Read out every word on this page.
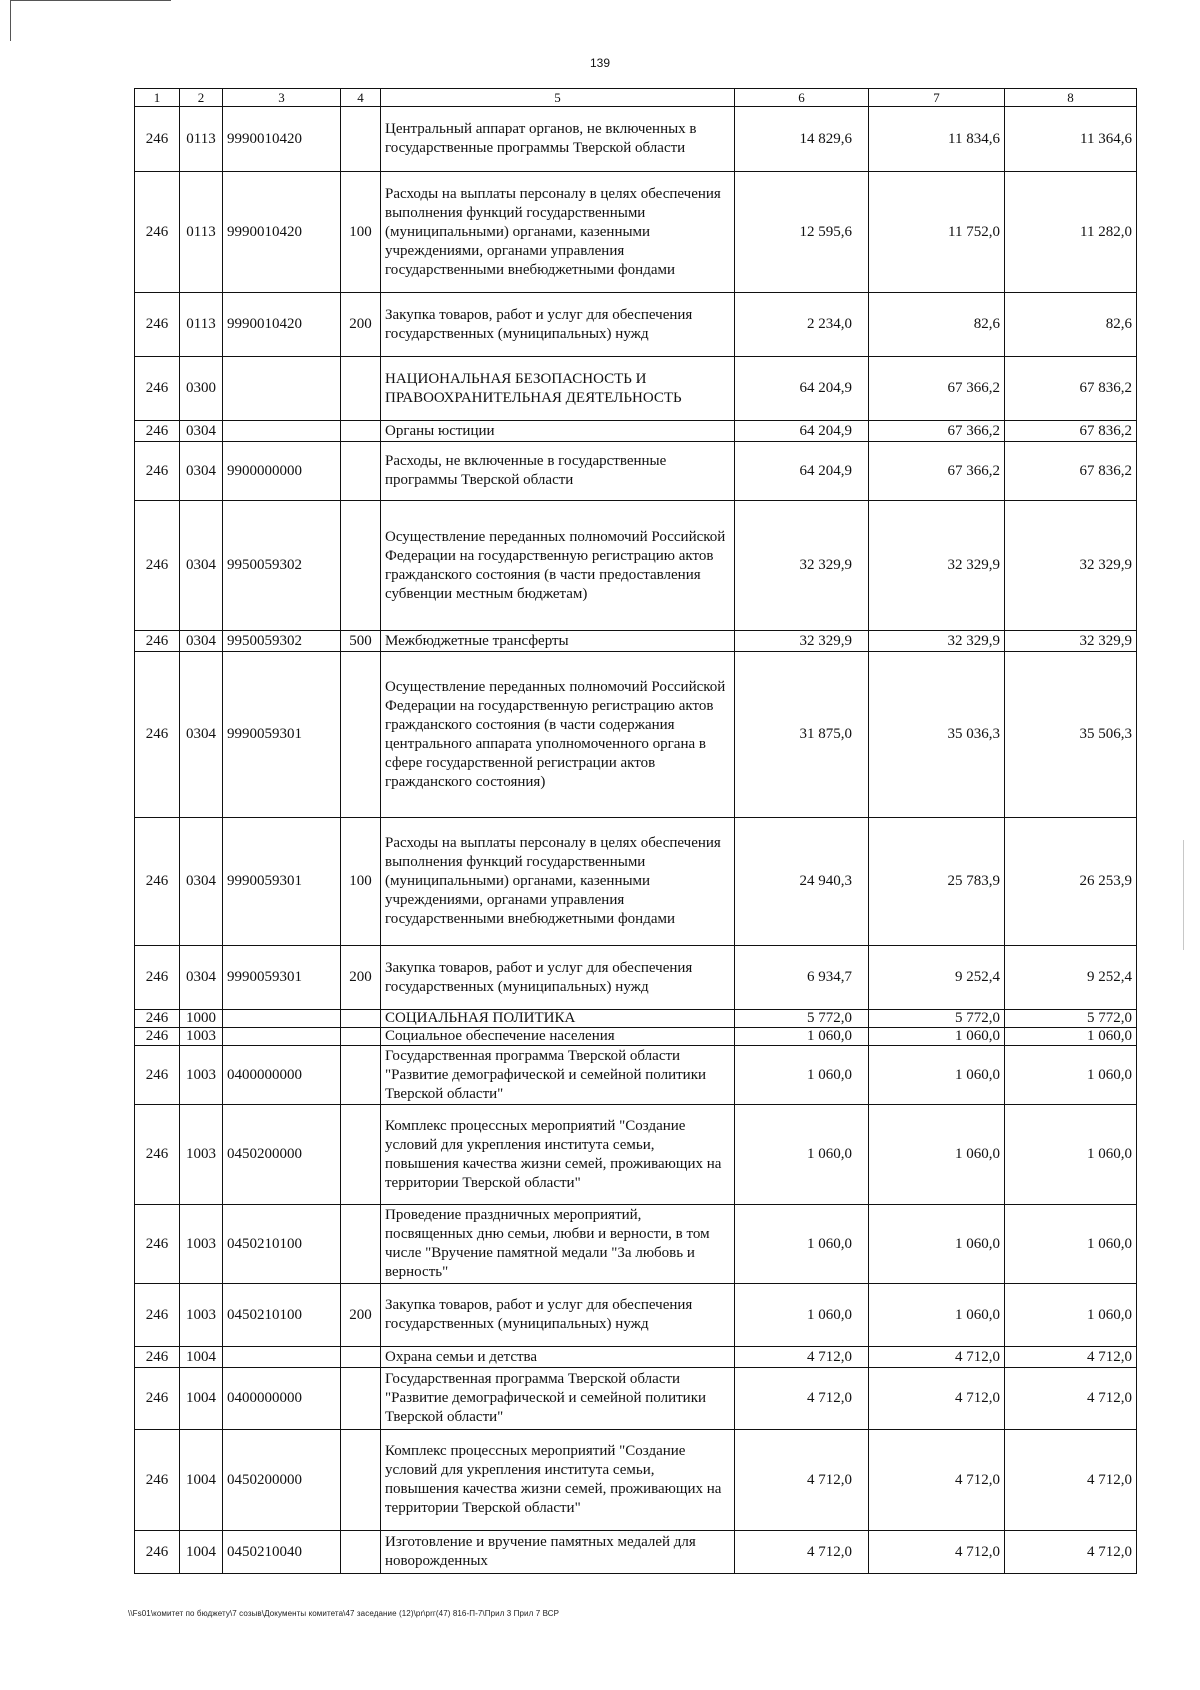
139
1	2	3	4	5	6	7	8
246	0113	9990010420		Центральный аппарат органов, не включенных в государственные программы Тверской области	14 829,6	11 834,6	11 364,6
246	0113	9990010420	100	Расходы на выплаты персоналу в целях обеспечения выполнения функций государственными (муниципальными) органами, казенными учреждениями, органами управления государственными внебюджетными фондами	12 595,6	11 752,0	11 282,0
246	0113	9990010420	200	Закупка товаров, работ и услуг для обеспечения государственных (муниципальных) нужд	2 234,0	82,6	82,6
246	0300			НАЦИОНАЛЬНАЯ БЕЗОПАСНОСТЬ И ПРАВООХРАНИТЕЛЬНАЯ ДЕЯТЕЛЬНОСТЬ	64 204,9	67 366,2	67 836,2
246	0304			Органы юстиции	64 204,9	67 366,2	67 836,2
246	0304	9900000000		Расходы, не включенные в государственные программы Тверской области	64 204,9	67 366,2	67 836,2
246	0304	9950059302		Осуществление переданных полномочий Российской Федерации на государственную регистрацию актов гражданского состояния (в части предоставления субвенции местным бюджетам)	32 329,9	32 329,9	32 329,9
246	0304	9950059302	500	Межбюджетные трансферты	32 329,9	32 329,9	32 329,9
246	0304	9990059301		Осуществление переданных полномочий Российской Федерации на государственную регистрацию актов гражданского состояния (в части содержания центрального аппарата уполномоченного органа в сфере государственной регистрации актов гражданского состояния)	31 875,0	35 036,3	35 506,3
246	0304	9990059301	100	Расходы на выплаты персоналу в целях обеспечения выполнения функций государственными (муниципальными) органами, казенными учреждениями, органами управления государственными внебюджетными фондами	24 940,3	25 783,9	26 253,9
246	0304	9990059301	200	Закупка товаров, работ и услуг для обеспечения государственных (муниципальных) нужд	6 934,7	9 252,4	9 252,4
246	1000			СОЦИАЛЬНАЯ ПОЛИТИКА	5 772,0	5 772,0	5 772,0
246	1003			Социальное обеспечение населения	1 060,0	1 060,0	1 060,0
246	1003	0400000000		Государственная программа Тверской области "Развитие демографической и семейной политики Тверской области"	1 060,0	1 060,0	1 060,0
246	1003	0450200000		Комплекс процессных мероприятий "Создание условий для укрепления института семьи, повышения качества жизни семей, проживающих на территории Тверской области"	1 060,0	1 060,0	1 060,0
246	1003	0450210100		Проведение праздничных мероприятий, посвященных дню семьи, любви и верности, в том числе "Вручение памятной медали "За любовь и верность"	1 060,0	1 060,0	1 060,0
246	1003	0450210100	200	Закупка товаров, работ и услуг для обеспечения государственных (муниципальных) нужд	1 060,0	1 060,0	1 060,0
246	1004			Охрана семьи и детства	4 712,0	4 712,0	4 712,0
246	1004	0400000000		Государственная программа Тверской области "Развитие демографической и семейной политики Тверской области"	4 712,0	4 712,0	4 712,0
246	1004	0450200000		Комплекс процессных мероприятий "Создание условий для укрепления института семьи, повышения качества жизни семей, проживающих на территории Тверской области"	4 712,0	4 712,0	4 712,0
246	1004	0450210040		Изготовление и вручение памятных медалей для новорожденных	4 712,0	4 712,0	4 712,0
\\Fs01\комитет по бюджету\7 созыв\Документы комитета\47 заседание (12)\pr\prг(47) 816-П-7\Прил 3 Прил 7 ВСР
